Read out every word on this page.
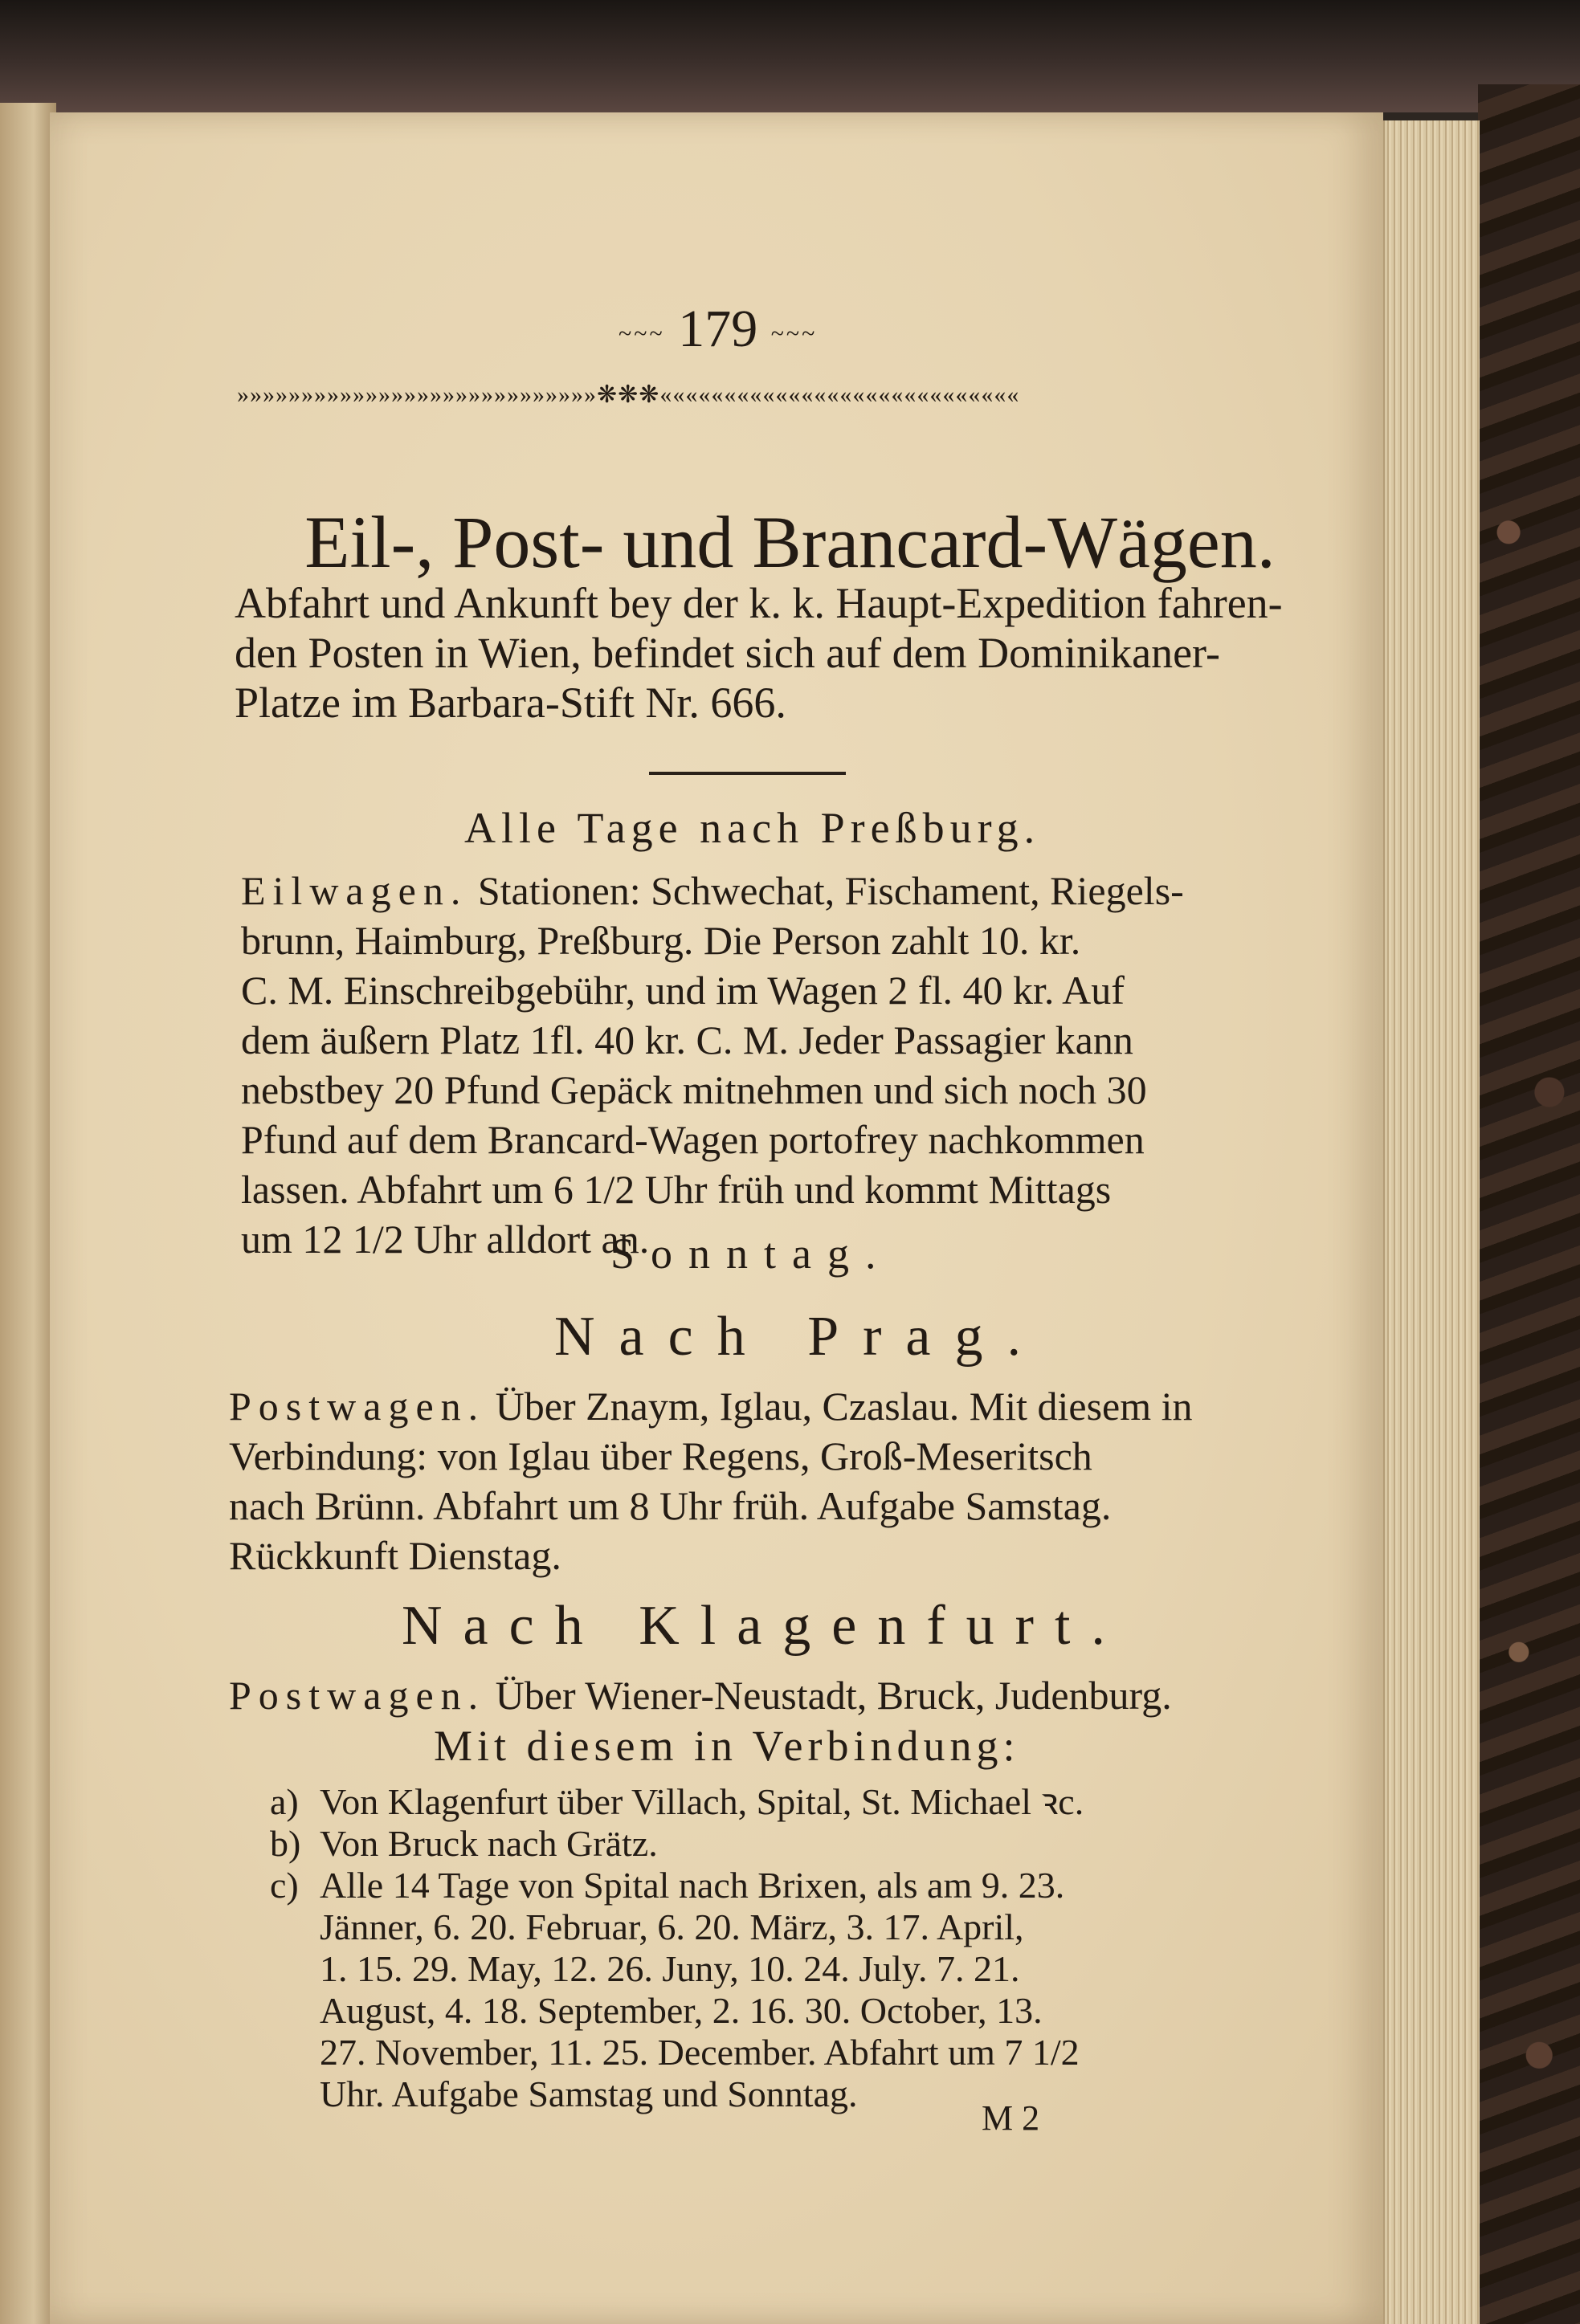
~~~ 179 ~~~
»»»»»»»»»»»»»»»»»»»»»»»»»»»»❋❋❋««««««««««««««««««««««««««««
Eil-, Post- und Brancard-Wägen.
Abfahrt und Ankunft bey der k. k. Haupt-Expedition fahren-
den Posten in Wien, befindet sich auf dem Dominikaner-
Platze im Barbara-Stift Nr. 666.
Alle Tage nach Preßburg.
Eilwagen. Stationen: Schwechat, Fischament, Riegels-
brunn, Haimburg, Preßburg. Die Person zahlt 10. kr.
C. M. Einschreibgebühr, und im Wagen 2 fl. 40 kr. Auf
dem äußern Platz 1fl. 40 kr. C. M. Jeder Passagier kann
nebstbey 20 Pfund Gepäck mitnehmen und sich noch 30
Pfund auf dem Brancard-Wagen portofrey nachkommen
lassen. Abfahrt um 6 1/2 Uhr früh und kommt Mittags
um 12 1/2 Uhr alldort an.
Sonntag.
Nach Prag.
Postwagen. Über Znaym, Iglau, Czaslau. Mit diesem in
Verbindung: von Iglau über Regens, Groß-Meseritsch
nach Brünn. Abfahrt um 8 Uhr früh. Aufgabe Samstag.
Rückkunft Dienstag.
Nach Klagenfurt.
Postwagen. Über Wiener-Neustadt, Bruck, Judenburg.
Mit diesem in Verbindung:
a) Von Klagenfurt über Villach, Spital, St. Michael ꝛc.
b) Von Bruck nach Grätz.
c) Alle 14 Tage von Spital nach Brixen, als am 9. 23.
Jänner, 6. 20. Februar, 6. 20. März, 3. 17. April,
1. 15. 29. May, 12. 26. Juny, 10. 24. July. 7. 21.
August, 4. 18. September, 2. 16. 30. October, 13.
27. November, 11. 25. December. Abfahrt um 7 1/2
Uhr. Aufgabe Samstag und Sonntag.
M 2
